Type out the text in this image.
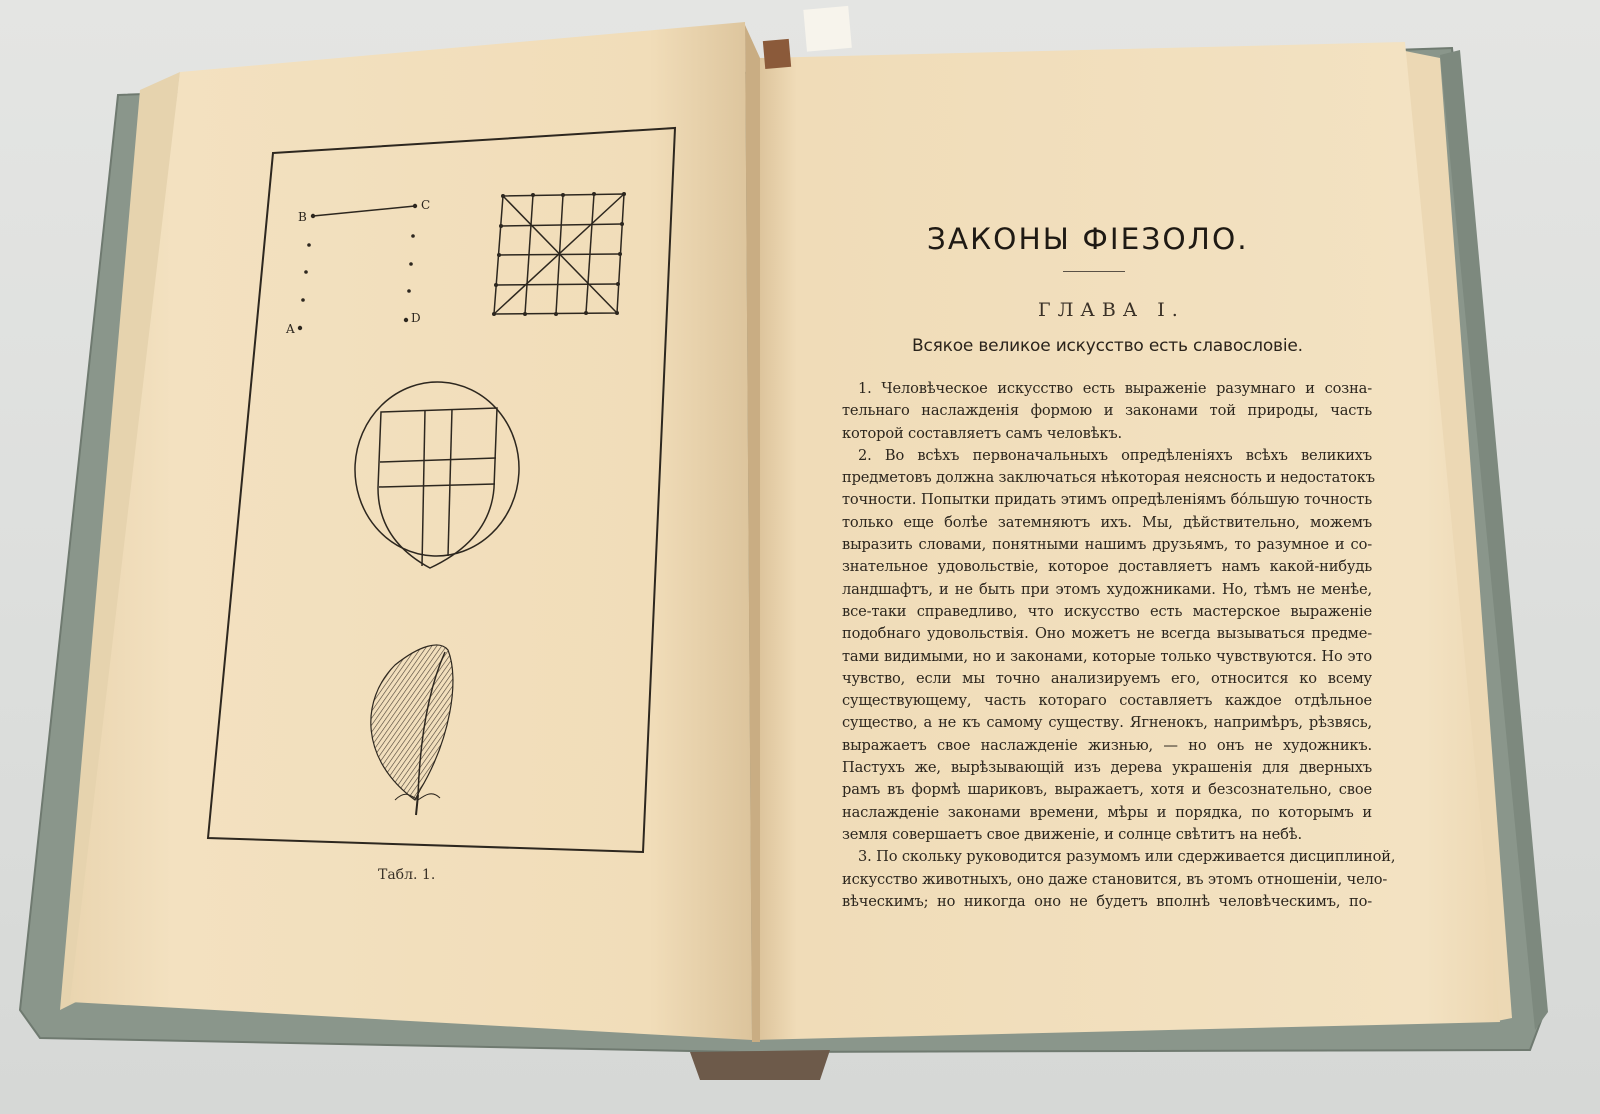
B
C
A
D
Табл. 1.
ЗАКОНЫ ФІЕЗОЛО.
ГЛАВА І.
Всякое великое искусство есть славословіе.
1. Человѣческое искусство есть выраженіе разумнаго и созна-
тельнаго наслажденія формою и законами той природы, часть
которой составляетъ самъ человѣкъ.
2. Во всѣхъ первоначальныхъ опредѣленіяхъ всѣхъ великихъ
предметовъ должна заключаться нѣкоторая неясность и недостатокъ
точности. Попытки придать этимъ опредѣленіямъ бо́льшую точность
только еще болѣе затемняютъ ихъ. Мы, дѣйствительно, можемъ
выразить словами, понятными нашимъ друзьямъ, то разумное и со-
знательное удовольствіе, которое доставляетъ намъ какой-нибудь
ландшафтъ, и не быть при этомъ художниками. Но, тѣмъ не менѣе,
все-таки справедливо, что искусство есть мастерское выраженіе
подобнаго удовольствія. Оно можетъ не всегда вызываться предме-
тами видимыми, но и законами, которые только чувствуются. Но это
чувство, если мы точно анализируемъ его, относится ко всему
существующему, часть котораго составляетъ каждое отдѣльное
существо, а не къ самому существу. Ягненокъ, напримѣръ, рѣзвясь,
выражаетъ свое наслажденіе жизнью, — но онъ не художникъ.
Пастухъ же, вырѣзывающій изъ дерева украшенія для дверныхъ
рамъ въ формѣ шариковъ, выражаетъ, хотя и безсознательно, свое
наслажденіе законами времени, мѣры и порядка, по которымъ и
земля совершаетъ свое движеніе, и солнце свѣтитъ на небѣ.
3. По скольку руководится разумомъ или сдерживается дисциплиной,
искусство животныхъ, оно даже становится, въ этомъ отношеніи, чело-
вѣческимъ; но никогда оно не будетъ вполнѣ человѣческимъ, по-
